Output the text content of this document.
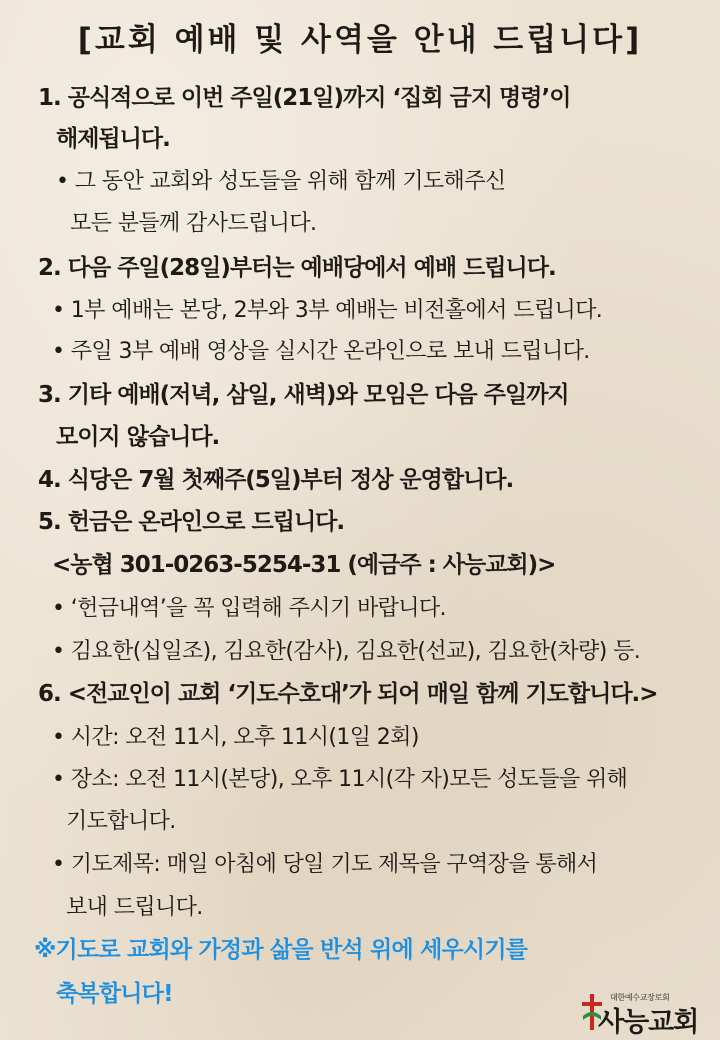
[교회 예배 및 사역을 안내 드립니다]
1. 공식적으로 이번 주일(21일)까지 ‘집회 금지 명령’이
해제됩니다.
• 그 동안 교회와 성도들을 위해 함께 기도해주신
모든 분들께 감사드립니다.
2. 다음 주일(28일)부터는 예배당에서 예배 드립니다.
• 1부 예배는 본당, 2부와 3부 예배는 비전홀에서 드립니다.
• 주일 3부 예배 영상을 실시간 온라인으로 보내 드립니다.
3. 기타 예배(저녁, 삼일, 새벽)와 모임은 다음 주일까지
모이지 않습니다.
4. 식당은 7월 첫째주(5일)부터 정상 운영합니다.
5. 헌금은 온라인으로 드립니다.
<농협 301-0263-5254-31 (예금주 : 사능교회)>
• ‘헌금내역’을 꼭 입력해 주시기 바랍니다.
• 김요한(십일조), 김요한(감사), 김요한(선교), 김요한(차량) 등.
6. <전교인이 교회 ‘기도수호대’가 되어 매일 함께 기도합니다.>
• 시간: 오전 11시, 오후 11시(1일 2회)
• 장소: 오전 11시(본당), 오후 11시(각 자)모든 성도들을 위해
기도합니다.
• 기도제목: 매일 아침에 당일 기도 제목을 구역장을 통해서
보내 드립니다.
※기도로 교회와 가정과 삶을 반석 위에 세우시기를
축복합니다!	대한예수교장로회
사능교회
